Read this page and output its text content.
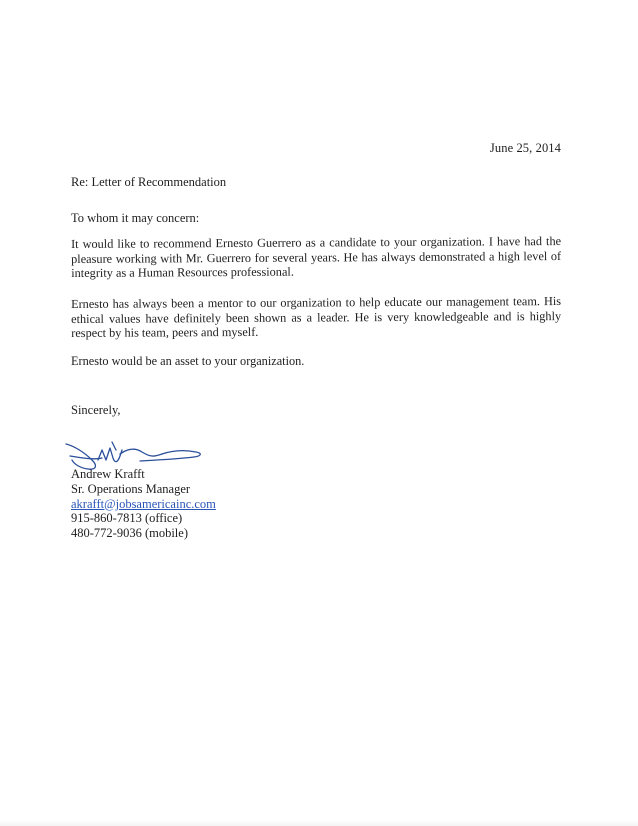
June 25, 2014
Re: Letter of Recommendation
To whom it may concern:

It would like to recommend Ernesto Guerrero as a candidate to your organization. I have had the pleasure working with Mr. Guerrero for several years. He has always demonstrated a high level of integrity as a Human Resources professional.

Ernesto has always been a mentor to our organization to help educate our management team. His ethical values have definitely been shown as a leader. He is very knowledgeable and is highly respect by his team, peers and myself.

Ernesto would be an asset to your organization.

Sincerely,
Andrew Krafft
Sr. Operations Manager
akrafft@jobsamericainc.com
915-860-7813 (office)
480-772-9036 (mobile)
